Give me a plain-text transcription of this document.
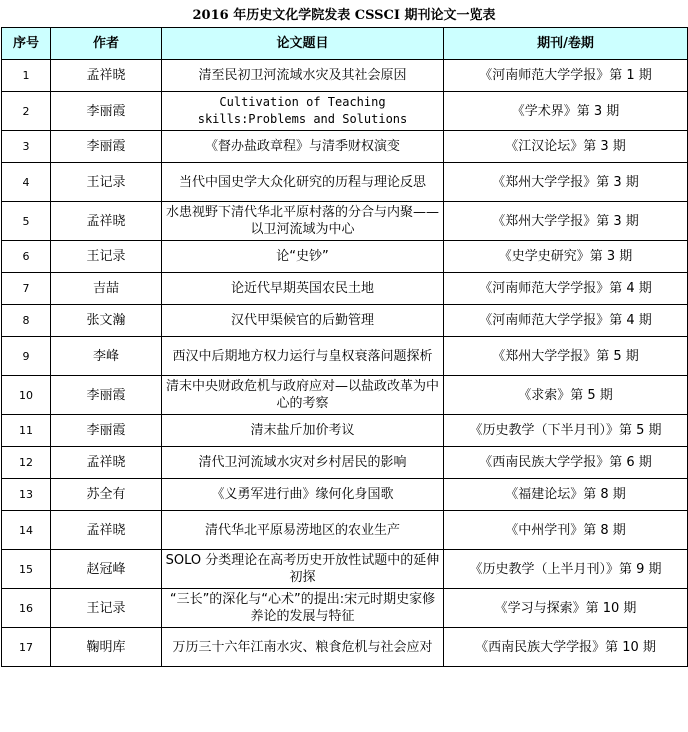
2016 年历史文化学院发表 CSSCI 期刊论文一览表
序号	作者	论文题目	期刊/卷期
1	孟祥晓	清至民初卫河流域水灾及其社会原因	《河南师范大学学报》第 1 期
2	李丽霞	Cultivation of Teaching skills:Problems and Solutions	《学术界》第 3 期
3	李丽霞	《督办盐政章程》与清季财权演变	《江汉论坛》第 3 期
4	王记录	当代中国史学大众化研究的历程与理论反思	《郑州大学学报》第 3 期
5	孟祥晓	水患视野下清代华北平原村落的分合与内聚——以卫河流域为中心	《郑州大学学报》第 3 期
6	王记录	论“史钞”	《史学史研究》第 3 期
7	吉喆	论近代早期英国农民土地	《河南师范大学学报》第 4 期
8	张文瀚	汉代甲渠候官的后勤管理	《河南师范大学学报》第 4 期
9	李峰	西汉中后期地方权力运行与皇权衰落问题探析	《郑州大学学报》第 5 期
10	李丽霞	清末中央财政危机与政府应对—以盐政改革为中心的考察	《求索》第 5 期
11	李丽霞	清末盐斤加价考议	《历史教学（下半月刊）》第 5 期
12	孟祥晓	清代卫河流域水灾对乡村居民的影响	《西南民族大学学报》第 6 期
13	苏全有	《义勇军进行曲》缘何化身国歌	《福建论坛》第 8 期
14	孟祥晓	清代华北平原易涝地区的农业生产	《中州学刊》第 8 期
15	赵冠峰	SOLO 分类理论在高考历史开放性试题中的延伸初探	《历史教学（上半月刊）》第 9 期
16	王记录	“三长”的深化与“心术”的提出:宋元时期史家修养论的发展与特征	《学习与探索》第 10 期
17	鞠明库	万历三十六年江南水灾、粮食危机与社会应对	《西南民族大学学报》第 10 期
